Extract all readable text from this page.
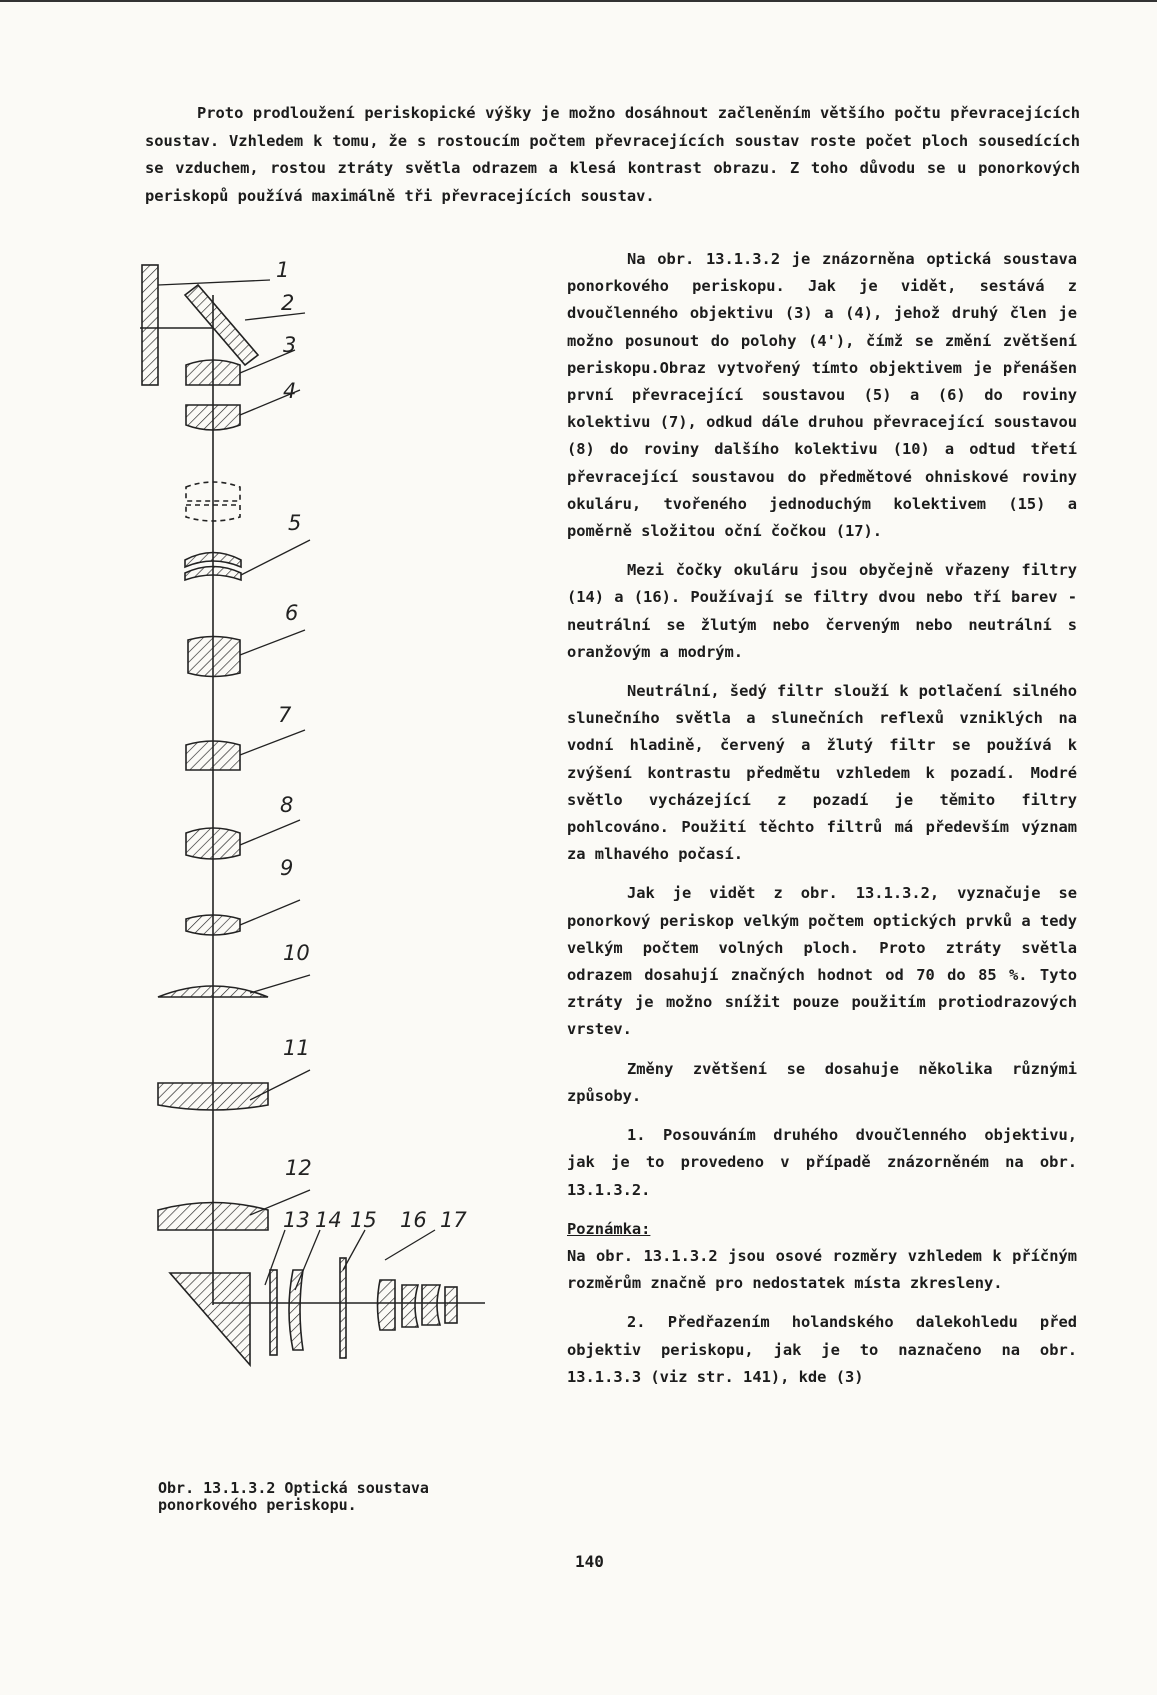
Proto prodloužení periskopické výšky je možno dosáhnout začleněním většího počtu převracejících soustav. Vzhledem k tomu, že s rostoucím počtem převracejících soustav roste počet ploch sousedících se vzduchem, rostou ztráty světla odrazem a klesá kontrast obrazu. Z toho důvodu se u ponorkových periskopů používá maximálně tři převracejících soustav.

Na obr. 13.1.3.2 je znázorněna optická soustava ponorkového periskopu. Jak je vidět, sestává z dvoučlenného objektivu (3) a (4), jehož druhý člen je možno posunout do polohy (4'), čímž se změní zvětšení periskopu.Obraz vytvořený tímto objektivem je přenášen první převracející soustavou (5) a (6) do roviny kolektivu (7), odkud dále druhou převracející soustavou (8) do roviny dalšího kolektivu (10) a odtud třetí převracející soustavou do předmětové ohniskové roviny okuláru, tvořeného jednoduchým kolektivem (15) a poměrně složitou oční čočkou (17).

Mezi čočky okuláru jsou obyčejně vřazeny filtry (14) a (16). Používají se filtry dvou nebo tří barev - neutrální se žlutým nebo červeným nebo neutrální s oranžovým a modrým.

Neutrální, šedý filtr slouží k potlačení silného slunečního světla a slunečních reflexů vzniklých na vodní hladině, červený a žlutý filtr se používá k zvýšení kontrastu předmětu vzhledem k pozadí. Modré světlo vycházející z pozadí je těmito filtry pohlcováno. Použití těchto filtrů má především význam za mlhavého počasí.

Jak je vidět z obr. 13.1.3.2, vyznačuje se ponorkový periskop velkým počtem optických prvků a tedy velkým počtem volných ploch. Proto ztráty světla odrazem dosahují značných hodnot od 70 do 85 %. Tyto ztráty je možno snížit pouze použitím protiodrazových vrstev.

Změny zvětšení se dosahuje několika různými způsoby.

1. Posouváním druhého dvoučlenného objektivu, jak je to provedeno v případě znázorněném na obr. 13.1.3.2.

Poznámka:

Na obr. 13.1.3.2 jsou osové rozměry vzhledem k příčným rozměrům značně pro nedostatek místa zkresleny.

2. Předřazením holandského dalekohledu před objektiv periskopu, jak je to naznačeno na obr. 13.1.3.3 (viz str. 141), kde (3)

1
2
3
4
5
6
7
8
9
10
11
12
13 14 15 16 17

Obr. 13.1.3.2 Optická soustava ponorkového periskopu.

140
